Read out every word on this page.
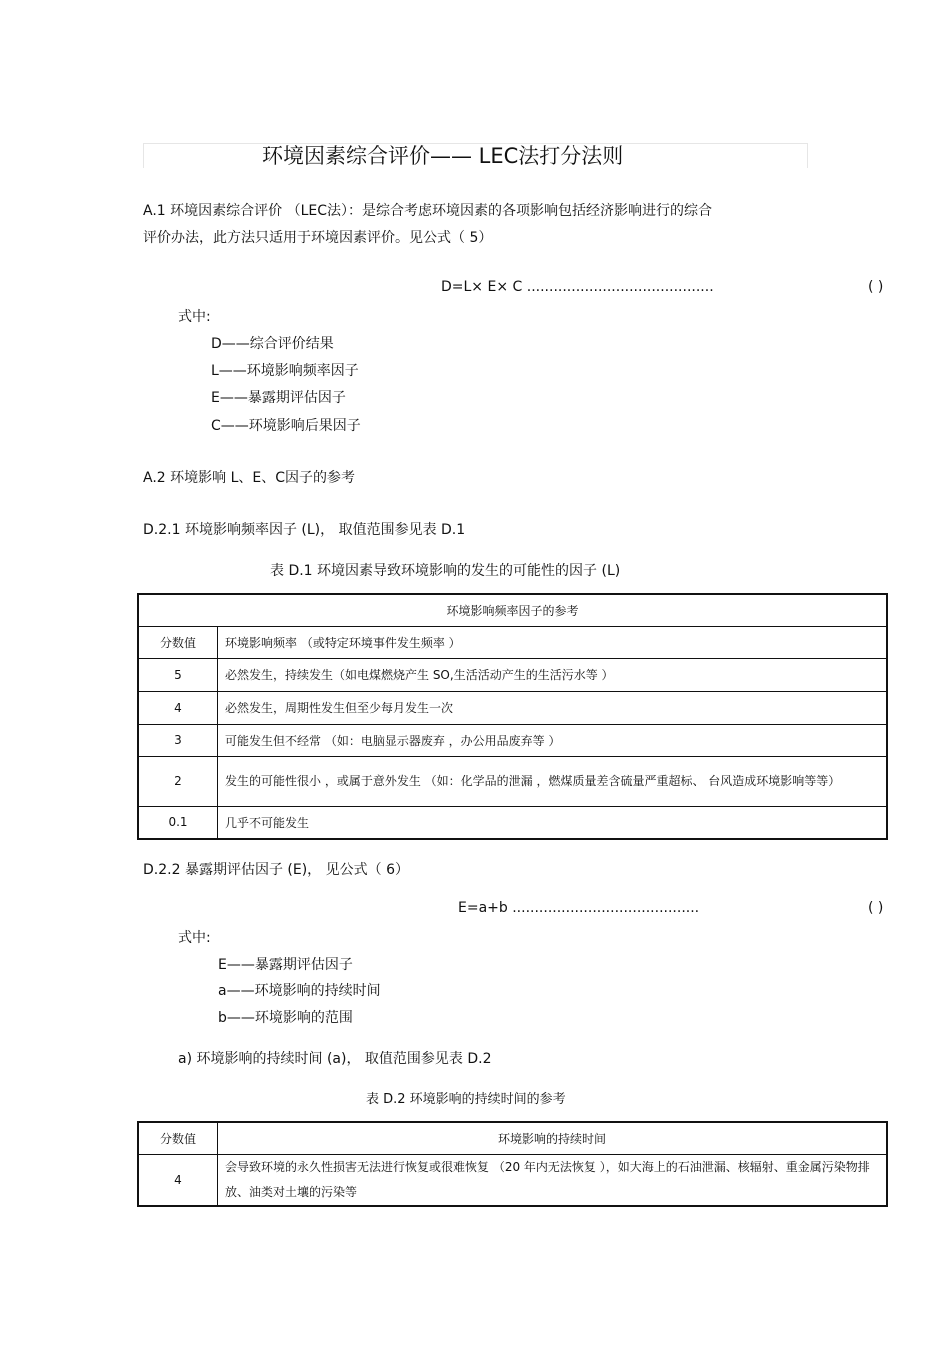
环境因素综合评价—— LEC法打分法则
A.1 环境因素综合评价 （LEC法）：是综合考虑环境因素的各项影响包括经济影响进行的综合
评价办法，此方法只适用于环境因素评价。见公式（ 5）
D=L× E× C ..........................................	( )
式中:
D——综合评价结果
L——环境影响频率因子
E——暴露期评估因子
C——环境影响后果因子
A.2 环境影响 L、E、C因子的参考
D.2.1 环境影响频率因子 (L)， 取值范围参见表 D.1
表 D.1 环境因素导致环境影响的发生的可能性的因子 (L)
环境影响频率因子的参考	
分数值	环境影响频率 （或特定环境事件发生频率 ）
5	必然发生，持续发生（如电煤燃烧产生 SO,生活活动产生的生活污水等 ）
4	必然发生，周期性发生但至少每月发生一次
3	可能发生但不经常 （如：电脑显示器废弃 ，办公用品废弃等 ）
2	发生的可能性很小 ，或属于意外发生 （如：化学品的泄漏 ，燃煤质量差含硫量严重超标、 台风造成环境影响等等）
0.1	几乎不可能发生
D.2.2 暴露期评估因子 (E)， 见公式（ 6）
E=a+b ..........................................	( )
式中:
E——暴露期评估因子
a——环境影响的持续时间
b——环境影响的范围
a) 环境影响的持续时间 (a)， 取值范围参见表 D.2
表 D.2 环境影响的持续时间的参考
分数值	环境影响的持续时间
4	会导致环境的永久性损害无法进行恢复或很难恢复 （20 年内无法恢复 ），如大海上的石油泄漏、核辐射、重金属污染物排放、油类对土壤的污染等
